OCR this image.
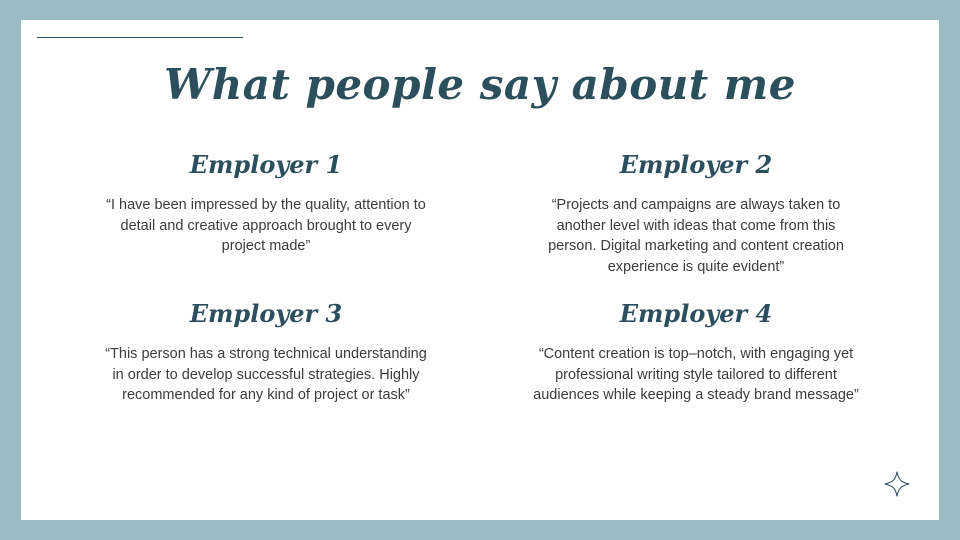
What people say about me
Employer 1
“I have been impressed by the quality, attention to detail and creative approach brought to every project made”
Employer 2
“Projects and campaigns are always taken to another level with ideas that come from this person. Digital marketing and content creation experience is quite evident”
Employer 3
“This person has a strong technical understanding in order to develop successful strategies. Highly recommended for any kind of project or task”
Employer 4
“Content creation is top–notch, with engaging yet professional writing style tailored to different audiences while keeping a steady brand message”
